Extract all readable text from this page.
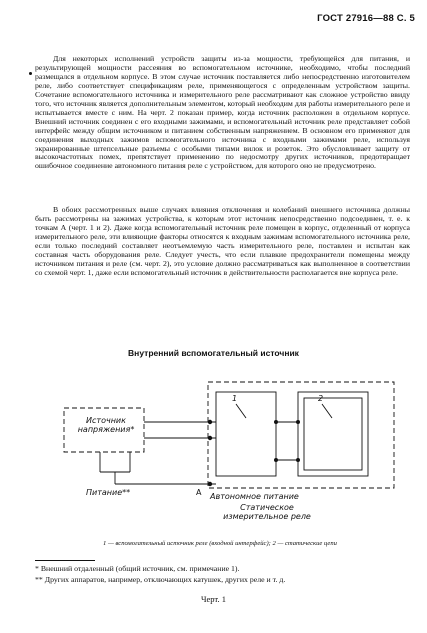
ГОСТ 27916—88 С. 5

Для некоторых исполнений устройств защиты из-за мощности, требующейся для питания, и результирующей мощности рассеяния во вспомогательном источнике, необходимо, чтобы последний размещался в отдельном корпусе. В этом случае источник поставляется либо непосредственно изготовителем реле, либо соответствует спецификациям реле, применяющегося с определенным устройством защиты. Сочетание вспомогательного источника и измерительного реле рассматривают как сложное устройство ввиду того, что источник является дополнительным элементом, который необходим для работы измерительного реле и испытывается вместе с ним. На черт. 2 показан пример, когда источник расположен в отдельном корпусе. Внешний источник соединен с его входными зажимами, и вспомогательный источник реле представляет собой интерфейс между общим источником и питанием собственным напряжением. В основном его применяют для соединения выходных зажимов вспомогательного источника с входными зажимами реле, используя экранированные штепсельные разъемы с особыми типами вилок и розеток. Это обусловливает защиту от высокочастотных помех, препятствует применению по недосмотру других источников, предотвращает ошибочное соединение автономного питания реле с устройством, для которого оно не предусмотрено.

В обоих рассмотренных выше случаях влияния отключения и колебаний внешнего источника должны быть рассмотрены на зажимах устройства, к которым этот источник непосредственно подсоединен, т. е. к точкам А (черт. 1 и 2). Даже когда вспомогательный источник реле помещен в корпус, отделенный от корпуса измерительного реле, эти влияющие факторы относятся к входным зажимам вспомогательного источника реле, если только последний составляет неотъемлемую часть измерительного реле, поставлен и испытан как составная часть оборудования реле. Следует учесть, что если плавкие предохранители помещены между источником питания и реле (см. черт. 2), это условие должно рассматриваться как выполненное в соответствии со схемой черт. 1, даже если вспомогательный источник в действительности располагается вне корпуса реле.

Внутренний вспомогательный источник
Источник напряжения*
Питание**	А Автономное питание
Статическое измерительное реле
1	2
1 — вспомогательный источник реле (входной интерфейс); 2 — статические цепи
* Внешний отдаленный (общий источник, см. примечание 1).
** Других аппаратов, например, отключающих катушек, других реле и т. д.
Черт. 1
